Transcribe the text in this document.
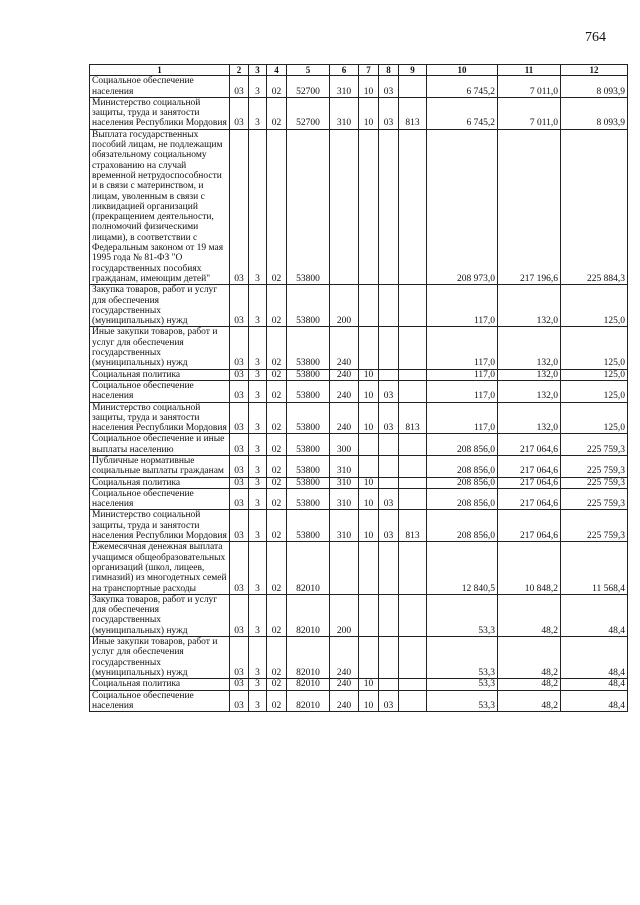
764
1	2	3	4	5	6	7	8	9	10	11	12
Социальное обеспечение населения	03	3	02	52700	310	10	03		6 745,2	7 011,0	8 093,9
Министерство социальной защиты, труда и занятости населения Республики Мордовия	03	3	02	52700	310	10	03	813	6 745,2	7 011,0	8 093,9
Выплата государственных пособий лицам, не подлежащим обязательному социальному страхованию на случай временной нетрудоспособности и в связи с материнством, и лицам, уволенным в связи с ликвидацией организаций (прекращением деятельности, полномочий физическими лицами), в соответствии с Федеральным законом от 19 мая 1995 года № 81-ФЗ "О государственных пособиях гражданам, имеющим детей"	03	3	02	53800					208 973,0	217 196,6	225 884,3
Закупка товаров, работ и услуг для обеспечения государственных (муниципальных) нужд	03	3	02	53800	200				117,0	132,0	125,0
Иные закупки товаров, работ и услуг для обеспечения государственных (муниципальных) нужд	03	3	02	53800	240				117,0	132,0	125,0
Социальная политика	03	3	02	53800	240	10			117,0	132,0	125,0
Социальное обеспечение населения	03	3	02	53800	240	10	03		117,0	132,0	125,0
Министерство социальной защиты, труда и занятости населения Республики Мордовия	03	3	02	53800	240	10	03	813	117,0	132,0	125,0
Социальное обеспечение и иные выплаты населению	03	3	02	53800	300				208 856,0	217 064,6	225 759,3
Публичные нормативные социальные выплаты гражданам	03	3	02	53800	310				208 856,0	217 064,6	225 759,3
Социальная политика	03	3	02	53800	310	10			208 856,0	217 064,6	225 759,3
Социальное обеспечение населения	03	3	02	53800	310	10	03		208 856,0	217 064,6	225 759,3
Министерство социальной защиты, труда и занятости населения Республики Мордовия	03	3	02	53800	310	10	03	813	208 856,0	217 064,6	225 759,3
Ежемесячная денежная выплата учащимся общеобразовательных организаций (школ, лицеев, гимназий) из многодетных семей на транспортные расходы	03	3	02	82010					12 840,5	10 848,2	11 568,4
Закупка товаров, работ и услуг для обеспечения государственных (муниципальных) нужд	03	3	02	82010	200				53,3	48,2	48,4
Иные закупки товаров, работ и услуг для обеспечения государственных (муниципальных) нужд	03	3	02	82010	240				53,3	48,2	48,4
Социальная политика	03	3	02	82010	240	10			53,3	48,2	48,4
Социальное обеспечение населения	03	3	02	82010	240	10	03		53,3	48,2	48,4
